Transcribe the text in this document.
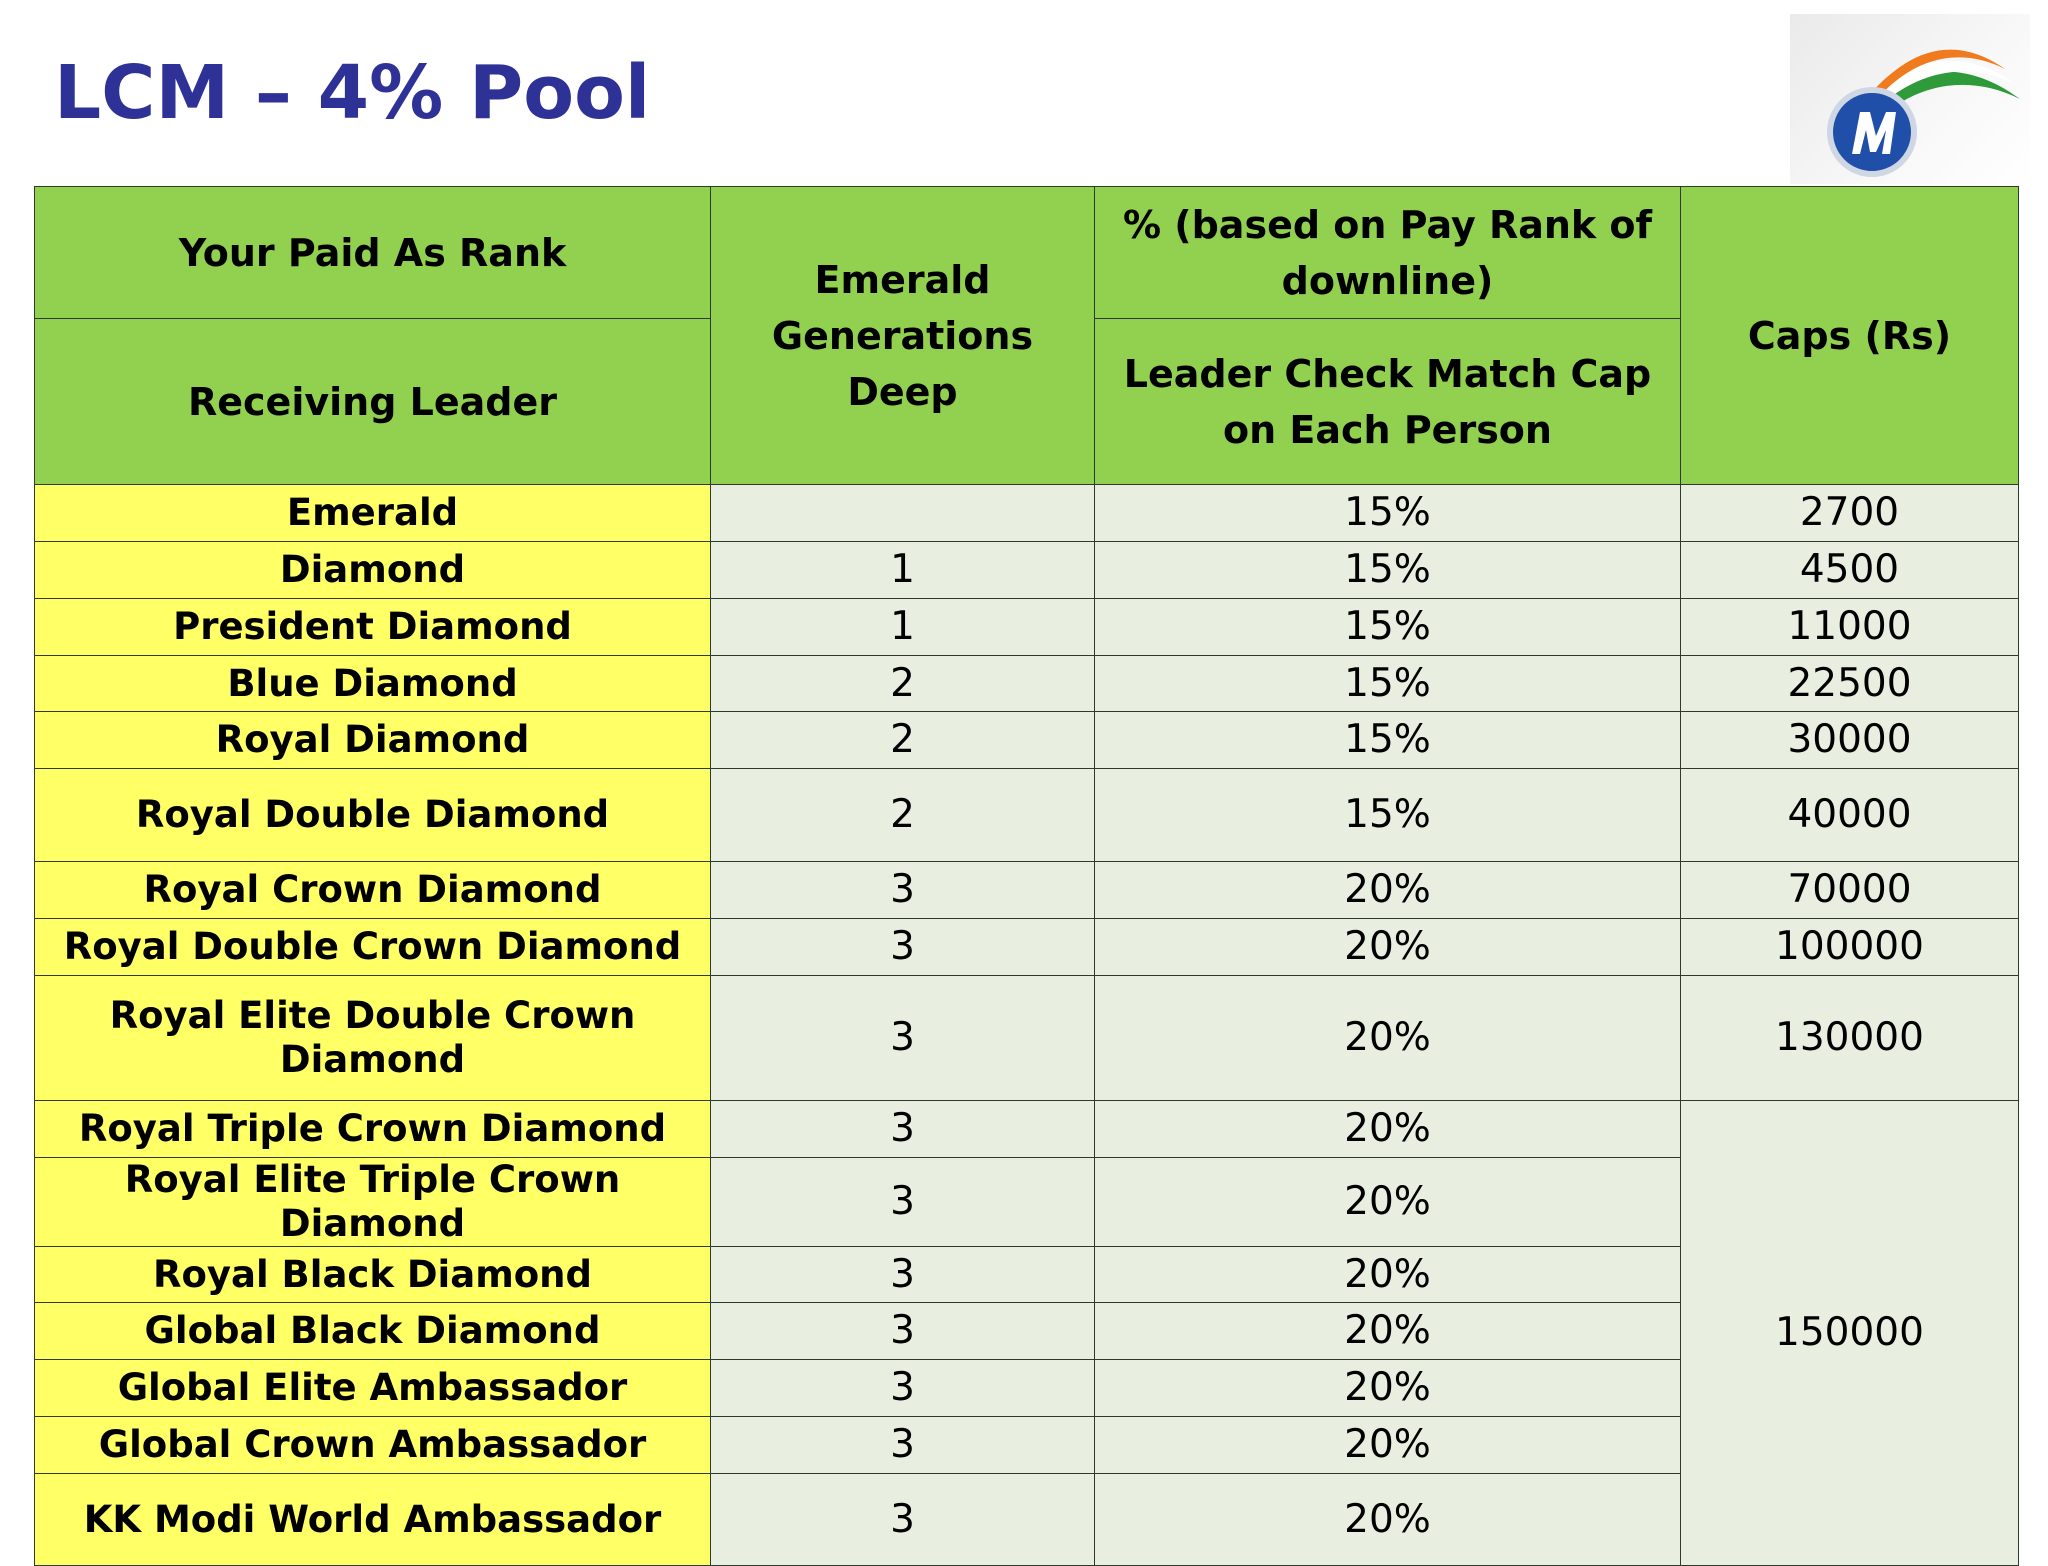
LCM – 4% Pool
Your Paid As Rank	Emerald Generations Deep	% (based on Pay Rank of downline)	Caps (Rs)
Receiving Leader		Leader Check Match Cap on Each Person	
Emerald		15%	2700
Diamond	1	15%	4500
President Diamond	1	15%	11000
Blue Diamond	2	15%	22500
Royal Diamond	2	15%	30000
Royal Double Diamond	2	15%	40000
Royal Crown Diamond	3	20%	70000
Royal Double Crown Diamond	3	20%	100000
Royal Elite Double Crown Diamond	3	20%	130000
Royal Triple Crown Diamond	3	20%	150000
Royal Elite Triple Crown Diamond	3	20%	
Royal Black Diamond	3	20%	
Global Black Diamond	3	20%	
Global Elite Ambassador	3	20%	
Global Crown Ambassador	3	20%	
KK Modi World Ambassador	3	20%	
